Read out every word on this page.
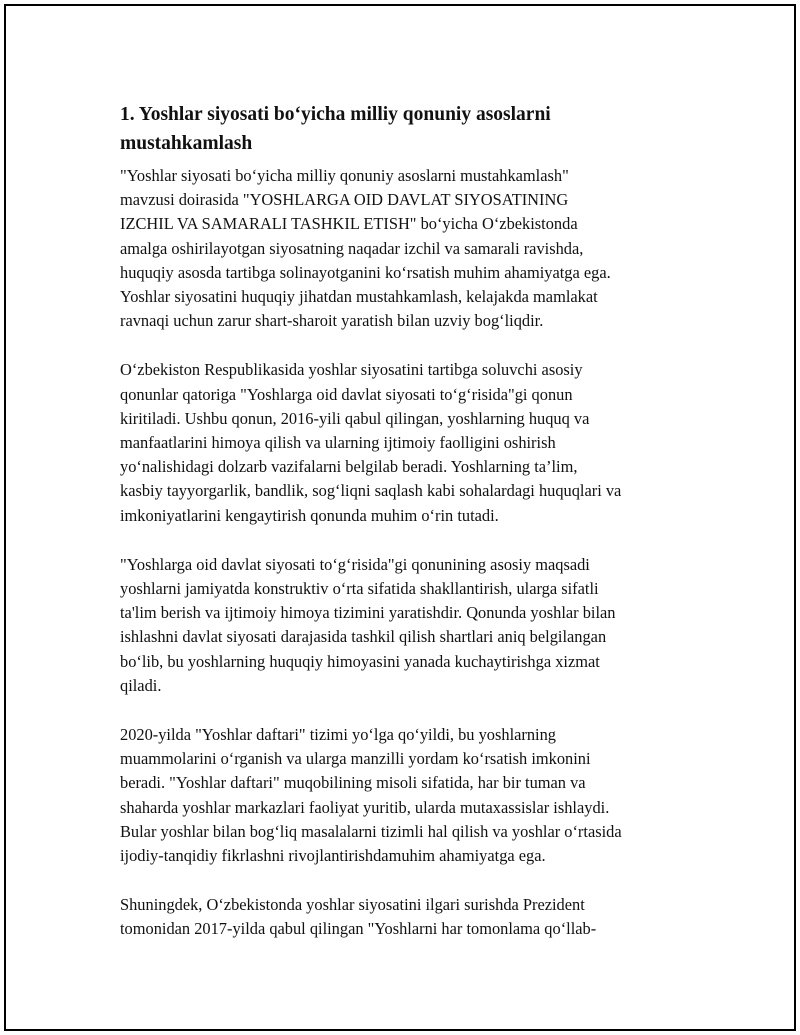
1. Yoshlar siyosati bo‘yicha milliy qonuniy asoslarni
mustahkamlash

"Yoshlar siyosati bo‘yicha milliy qonuniy asoslarni mustahkamlash"
mavzusi doirasida "YOSHLARGA OID DAVLAT SIYOSATINING
IZCHIL VA SAMARALI TASHKIL ETISH" bo‘yicha O‘zbekistonda
amalga oshirilayotgan siyosatning naqadar izchil va samarali ravishda,
huquqiy asosda tartibga solinayotganini ko‘rsatish muhim ahamiyatga ega.
Yoshlar siyosatini huquqiy jihatdan mustahkamlash, kelajakda mamlakat
ravnaqi uchun zarur shart-sharoit yaratish bilan uzviy bog‘liqdir.

O‘zbekiston Respublikasida yoshlar siyosatini tartibga soluvchi asosiy
qonunlar qatoriga "Yoshlarga oid davlat siyosati to‘g‘risida"gi qonun
kiritiladi. Ushbu qonun, 2016-yili qabul qilingan, yoshlarning huquq va
manfaatlarini himoya qilish va ularning ijtimoiy faolligini oshirish
yo‘nalishidagi dolzarb vazifalarni belgilab beradi. Yoshlarning ta’lim,
kasbiy tayyorgarlik, bandlik, sog‘liqni saqlash kabi sohalardagi huquqlari va
imkoniyatlarini kengaytirish qonunda muhim o‘rin tutadi.

"Yoshlarga oid davlat siyosati to‘g‘risida"gi qonunining asosiy maqsadi
yoshlarni jamiyatda konstruktiv o‘rta sifatida shakllantirish, ularga sifatli
ta'lim berish va ijtimoiy himoya tizimini yaratishdir. Qonunda yoshlar bilan
ishlashni davlat siyosati darajasida tashkil qilish shartlari aniq belgilangan
bo‘lib, bu yoshlarning huquqiy himoyasini yanada kuchaytirishga xizmat
qiladi.

2020-yilda "Yoshlar daftari" tizimi yo‘lga qo‘yildi, bu yoshlarning
muammolarini o‘rganish va ularga manzilli yordam ko‘rsatish imkonini
beradi. "Yoshlar daftari" muqobilining misoli sifatida, har bir tuman va
shaharda yoshlar markazlari faoliyat yuritib, ularda mutaxassislar ishlaydi.
Bular yoshlar bilan bog‘liq masalalarni tizimli hal qilish va yoshlar o‘rtasida
ijodiy-tanqidiy fikrlashni rivojlantirishdamuhim ahamiyatga ega.

Shuningdek, O‘zbekistonda yoshlar siyosatini ilgari surishda Prezident
tomonidan 2017-yilda qabul qilingan "Yoshlarni har tomonlama qo‘llab-
